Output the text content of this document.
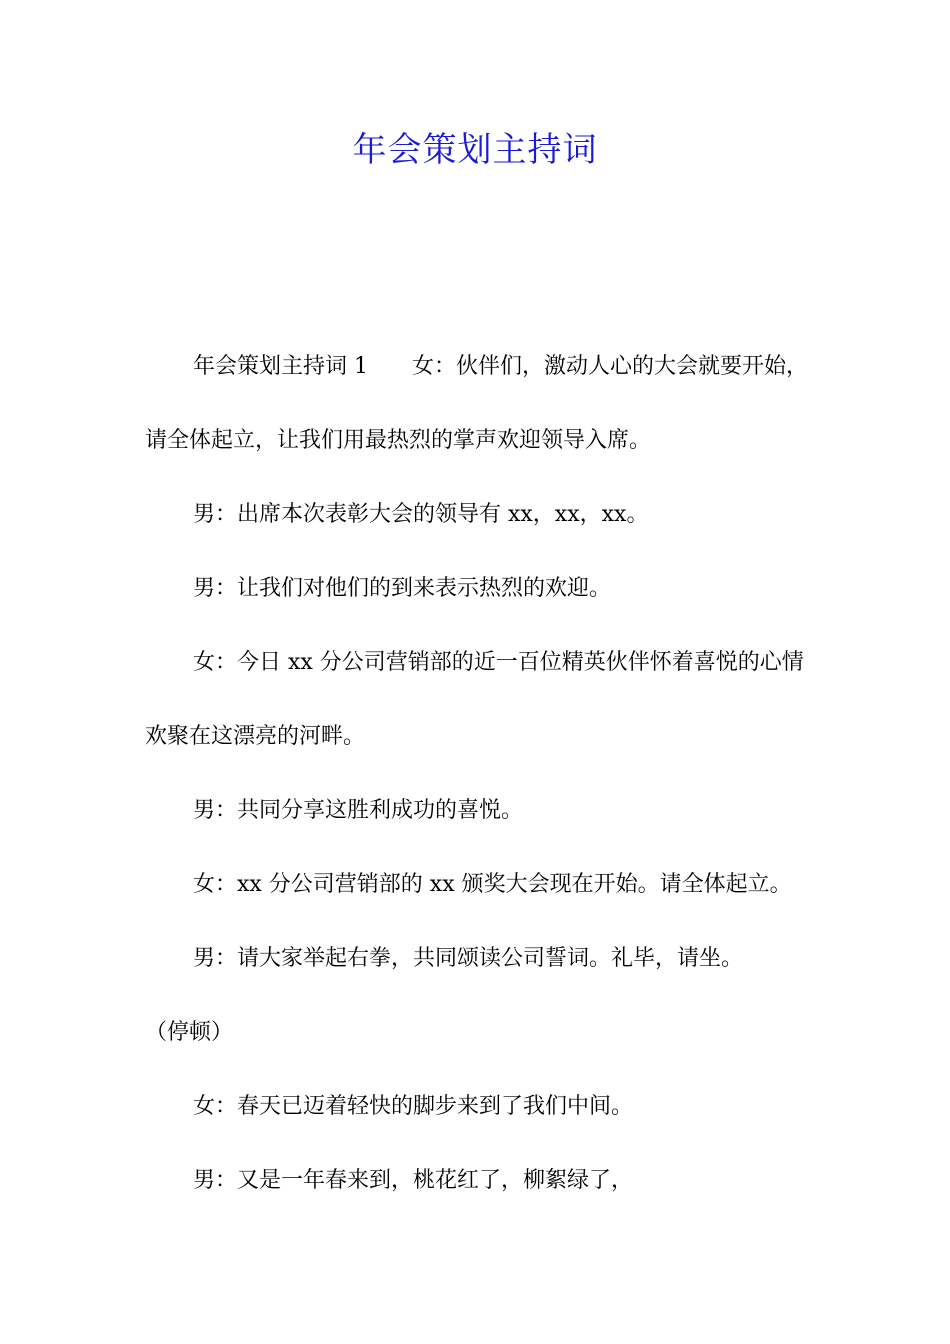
年会策划主持词

年会策划主持词 1 女：伙伴们，激动人心的大会就要开始，请全体起立，让我们用最热烈的掌声欢迎领导入席。

男：出席本次表彰大会的领导有 xx，xx，xx。

男：让我们对他们的到来表示热烈的欢迎。

女：今日 xx 分公司营销部的近一百位精英伙伴怀着喜悦的心情欢聚在这漂亮的河畔。

男：共同分享这胜利成功的喜悦。

女：xx 分公司营销部的 xx 颁奖大会现在开始。请全体起立。

男：请大家举起右拳，共同颂读公司誓词。礼毕，请坐。

（停顿）

女：春天已迈着轻快的脚步来到了我们中间。

男：又是一年春来到，桃花红了，柳絮绿了，
